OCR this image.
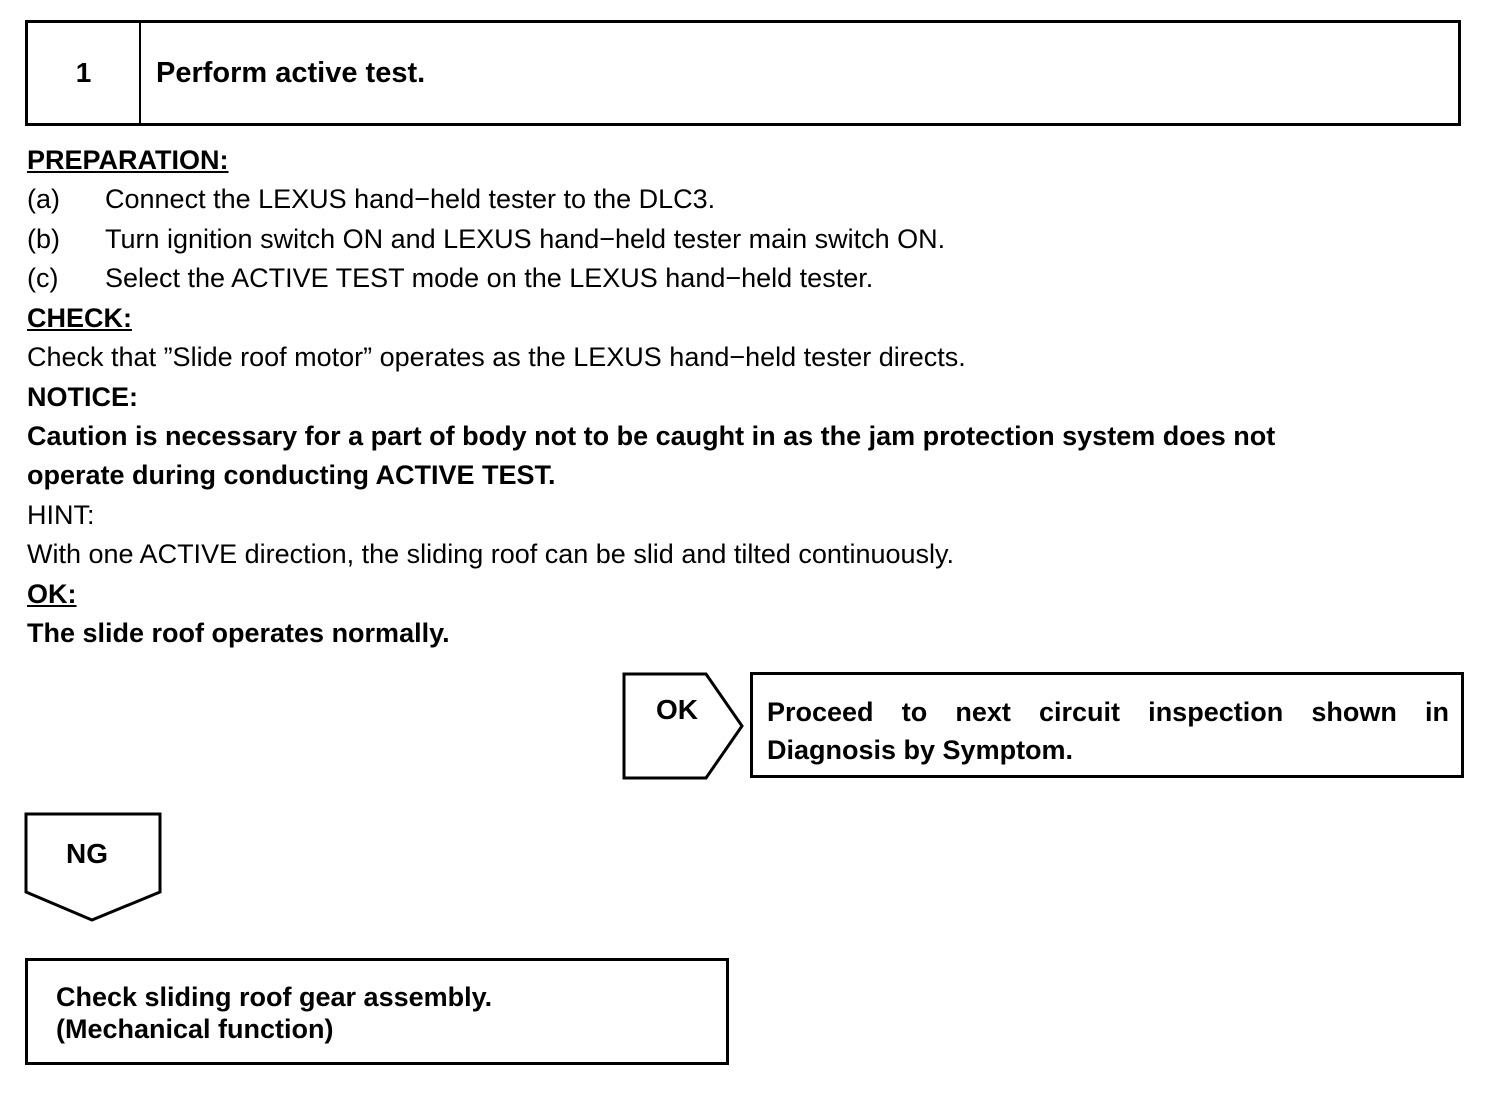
1	Perform active test.
PREPARATION:
(a) Connect the LEXUS hand−held tester to the DLC3.
(b) Turn ignition switch ON and LEXUS hand−held tester main switch ON.
(c) Select the ACTIVE TEST mode on the LEXUS hand−held tester.
CHECK:
Check that ”Slide roof motor” operates as the LEXUS hand−held tester directs.
NOTICE:
Caution is necessary for a part of body not to be caught in as the jam protection system does not
operate during conducting ACTIVE TEST.
HINT:
With one ACTIVE direction, the sliding roof can be slid and tilted continuously.
OK:
The slide roof operates normally.
OK	Proceed to next circuit inspection shown in
Diagnosis by Symptom.
NG
Check sliding roof gear assembly.
(Mechanical function)
